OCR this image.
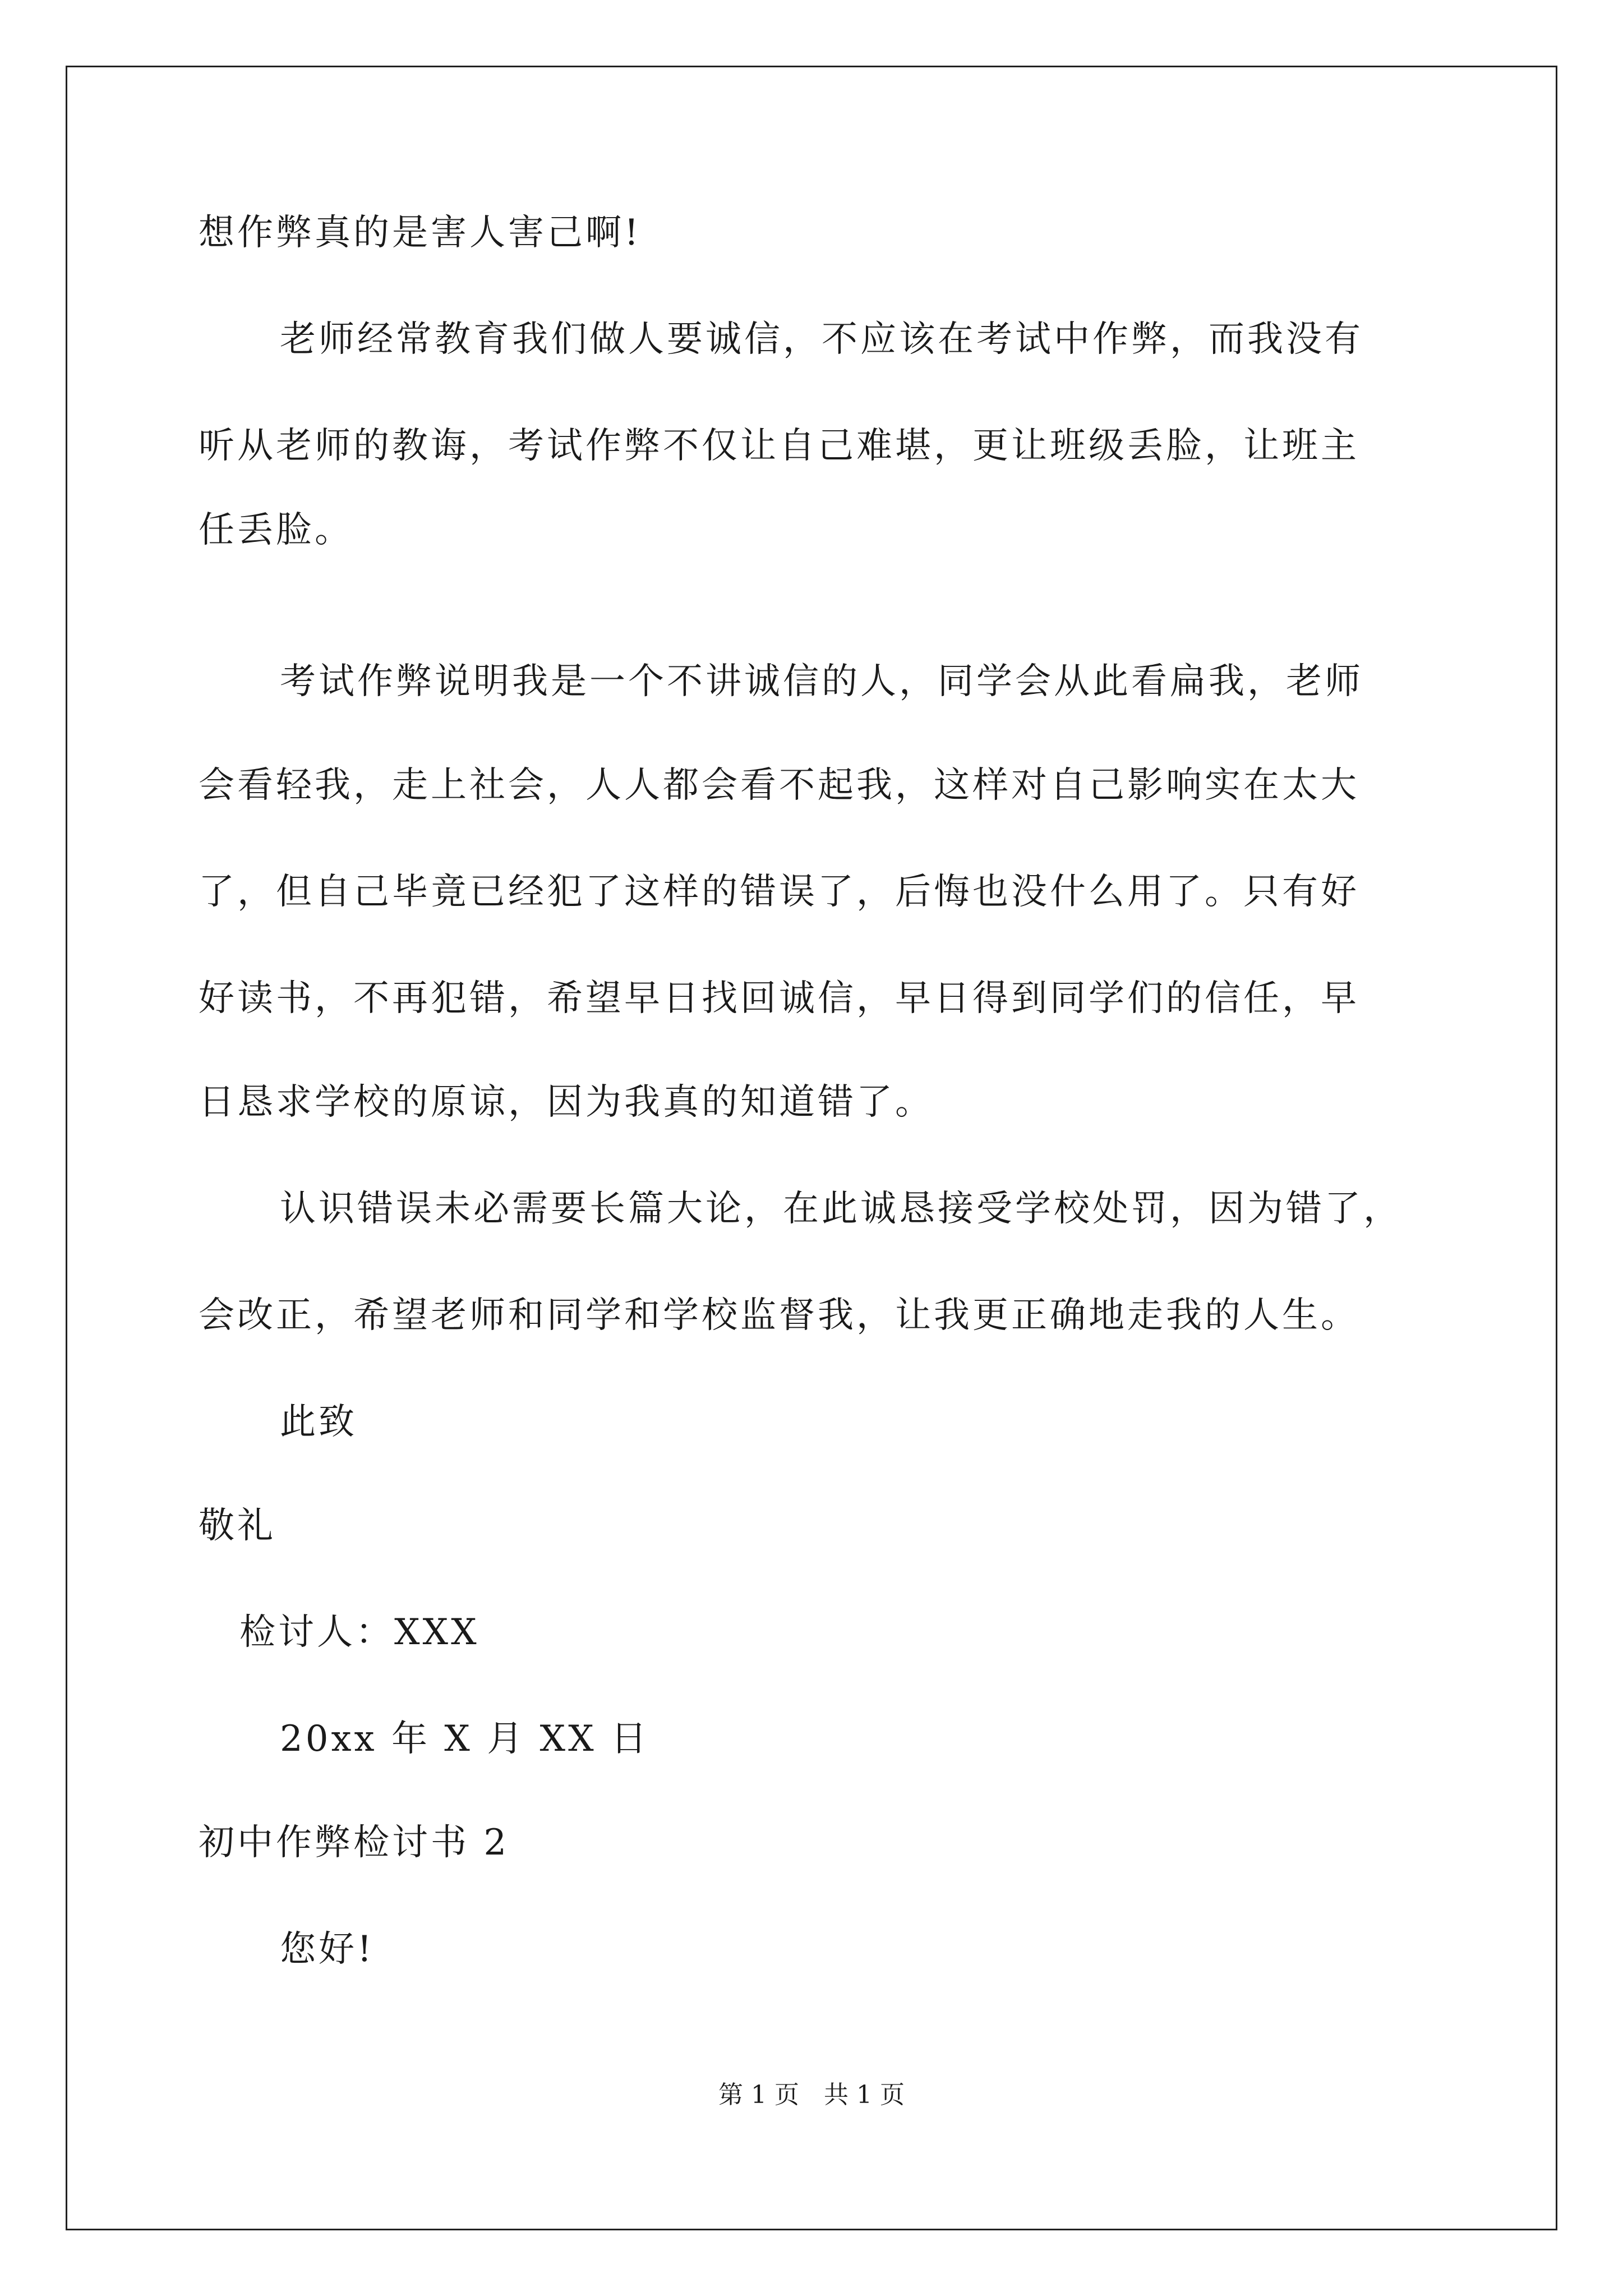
想作弊真的是害人害己啊!
老师经常教育我们做人要诚信，不应该在考试中作弊，而我没有
听从老师的教诲，考试作弊不仅让自己难堪，更让班级丢脸，让班主
任丢脸。
考试作弊说明我是一个不讲诚信的人，同学会从此看扁我，老师
会看轻我，走上社会，人人都会看不起我，这样对自己影响实在太大
了，但自己毕竟已经犯了这样的错误了，后悔也没什么用了。只有好
好读书，不再犯错，希望早日找回诚信，早日得到同学们的信任，早
日恳求学校的原谅，因为我真的知道错了。
认识错误未必需要长篇大论，在此诚恳接受学校处罚，因为错了，
会改正，希望老师和同学和学校监督我，让我更正确地走我的人生。
此致
敬礼
检讨人：XXX
20xx 年 X 月 XX 日
初中作弊检讨书 2
您好!
第 1 页　共 1 页
